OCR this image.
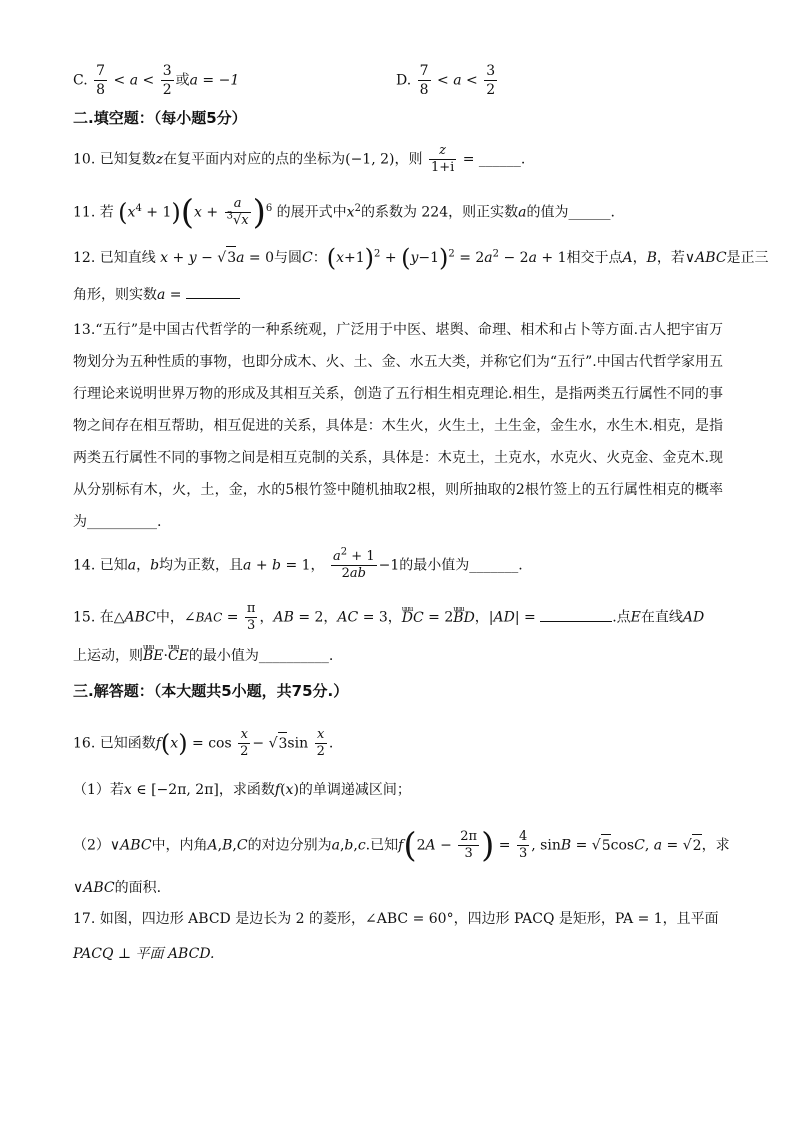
C. $\frac{7}{8} < a < \frac{3}{2}$ 或a = −1	D. $\frac{7}{8} < a < \frac{3}{2}$
二.填空题：（每小题5分）
10. 已知复数z在复平面内对应的点的坐标为(−1, 2)，则 $\frac{z}{1+i}$ = ______.
11. 若 $(x^4 + 1)(x + \frac{a}{^3√x} )^6$ 的展开式中$x^2$的系数为 224，则正实数a的值为______.
12. 已知直线 x + y − √3a = 0与圆C：$(x+1)^2 + (y-1)^2 = 2a^2 - 2a + 1$相交于点A，B，若∨ABC是正三
角形，则实数a =
13.“五行”是中国古代哲学的一种系统观，广泛用于中医、堪舆、命理、相术和占卜等方面.古人把宇宙万物划分为五种性质的事物，也即分成木、火、土、金、水五大类，并称它们为“五行”.中国古代哲学家用五行理论来说明世界万物的形成及其相互关系，创造了五行相生相克理论.相生，是指两类五行属性不同的事物之间存在相互帮助，相互促进的关系，具体是：木生火，火生土，土生金，金生水，水生木.相克，是指两类五行属性不同的事物之间是相互克制的关系，具体是：木克土，土克水，水克火、火克金、金克木.现从分别标有木，火，土，金，水的5根竹签中随机抽取2根，则所抽取的2根竹签上的五行属性相克的概率为__________.
14. 已知a，b均为正数，且a + b = 1， $\frac{a^2 + 1}{2ab} -1$的最小值为_______.
15. 在△ABC中，∠BAC = $\frac{\pi}{3}$ ，AB = 2，AC = 3，uuu DC = 2uuu BD，|AD| =	.点E在直线AD
上运动，则uuu BE·uuu CE的最小值为__________.
三.解答题：（本大题共5小题，共75分.）
16. 已知函数$f(x) = \cos \frac{x}{2} - √3\sin \frac{x}{2}$ .
（1）若x ∈ [−2π, 2π]，求函数f(x)的单调递减区间；
（2）∨ABC中，内角A,B,C的对边分别为a,b,c.已知$f(2A - \frac{2\pi}{3}$ ) = $\frac{4}{3}$ , sinB = √5cosC, a = √2，求
∨ABC的面积.
17. 如图，四边形 ABCD 是边长为 2 的菱形，∠ABC = 60°，四边形 PACQ 是矩形，PA = 1，且平面
PACQ ⊥ 平面 ABCD.
